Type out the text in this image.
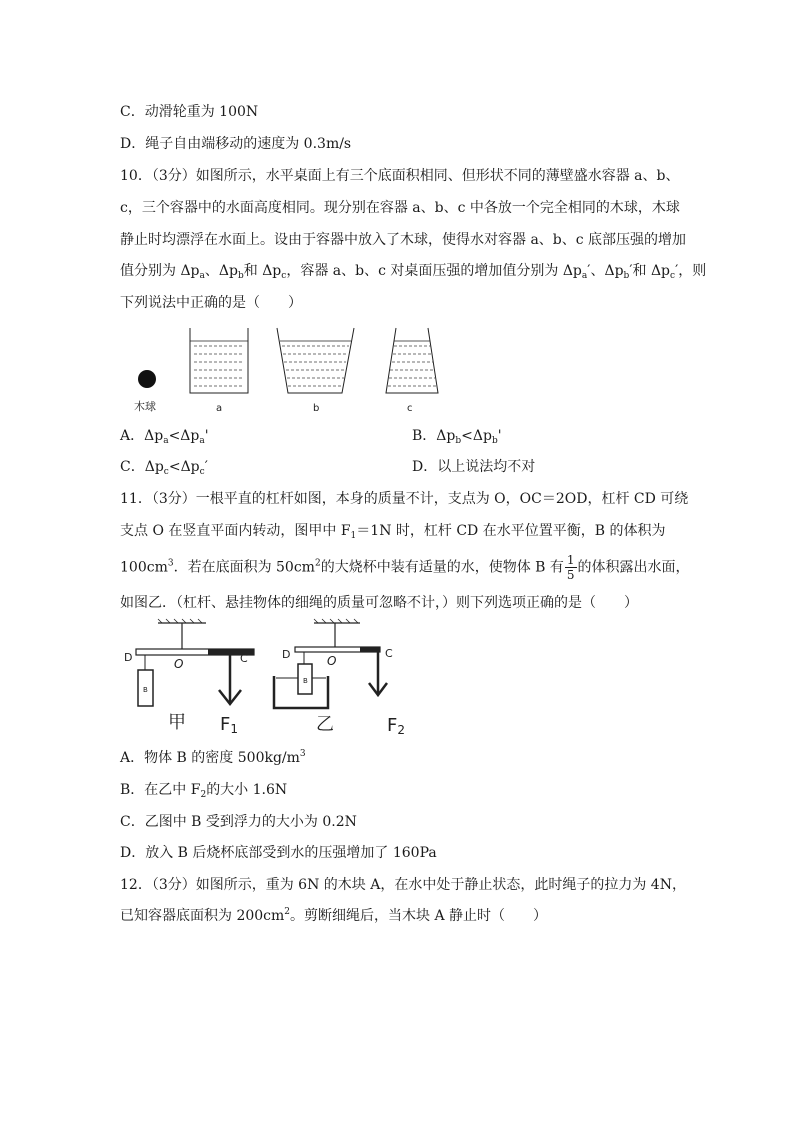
C．动滑轮重为 100N
D．绳子自由端移动的速度为 0.3m/s
10．（3分）如图所示，水平桌面上有三个底面积相同、但形状不同的薄壁盛水容器 a、b、
c，三个容器中的水面高度相同。现分别在容器 a、b、c 中各放一个完全相同的木球，木球
静止时均漂浮在水面上。设由于容器中放入了木球，使得水对容器 a、b、c 底部压强的增加
值分别为 $\Delta p_a$、$\Delta p_b$和 $\Delta p_c$，容器 a、b、c 对桌面压强的增加值分别为 $\Delta p_a'$、$\Delta p_b'$和 $\Delta p_c'$，则
下列说法中正确的是（　　）
木球	a	b	c
A．$\Delta p_a<\Delta p_a'$	B．$\Delta p_b<\Delta p_b'$
C．$\Delta p_c<\Delta p_c'$	D．以上说法均不对
11．（3分）一根平直的杠杆如图，本身的质量不计，支点为 O，OC＝2OD，杠杆 CD 可绕
支点 O 在竖直平面内转动，图甲中 $F_1=1N$ 时，杠杆 CD 在水平位置平衡，B 的体积为
$100cm^3$．若在底面积为 $50cm^2$的大烧杯中装有适量的水，使物体 B 有 $\frac{1}{5}$ 的体积露出水面，
如图乙．（杠杆、悬挂物体的细绳的质量可忽略不计，）则下列选项正确的是（　　）
B
D	O	C
甲 F1
B
D	O
C
乙	F2
A．物体 B 的密度 $500kg/m^3$
B．在乙中 $F_2$的大小 1.6N
C．乙图中 B 受到浮力的大小为 0.2N
D．放入 B 后烧杯底部受到水的压强增加了 160Pa
12．（3分）如图所示，重为 6N 的木块 A，在水中处于静止状态，此时绳子的拉力为 4N，
已知容器底面积为 $200cm^2$。剪断细绳后，当木块 A 静止时（　　）
